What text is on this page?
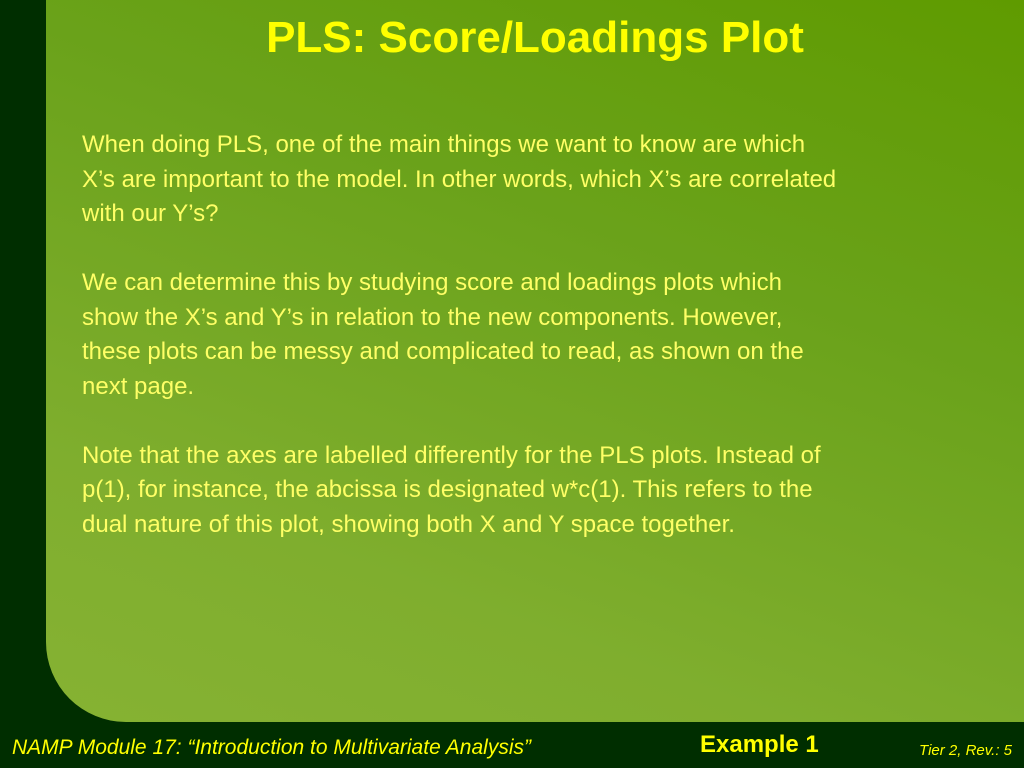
PLS: Score/Loadings Plot

When doing PLS, one of the main things we want to know are which
X’s are important to the model. In other words, which X’s are correlated
with our Y’s?

We can determine this by studying score and loadings plots which
show the X’s and Y’s in relation to the new components. However,
these plots can be messy and complicated to read, as shown on the
next page.

Note that the axes are labelled differently for the PLS plots. Instead of
p(1), for instance, the abcissa is designated w*c(1). This refers to the
dual nature of this plot, showing both X and Y space together.

NAMP Module 17: “Introduction to Multivariate Analysis”	Example 1	Tier 2, Rev.: 5
